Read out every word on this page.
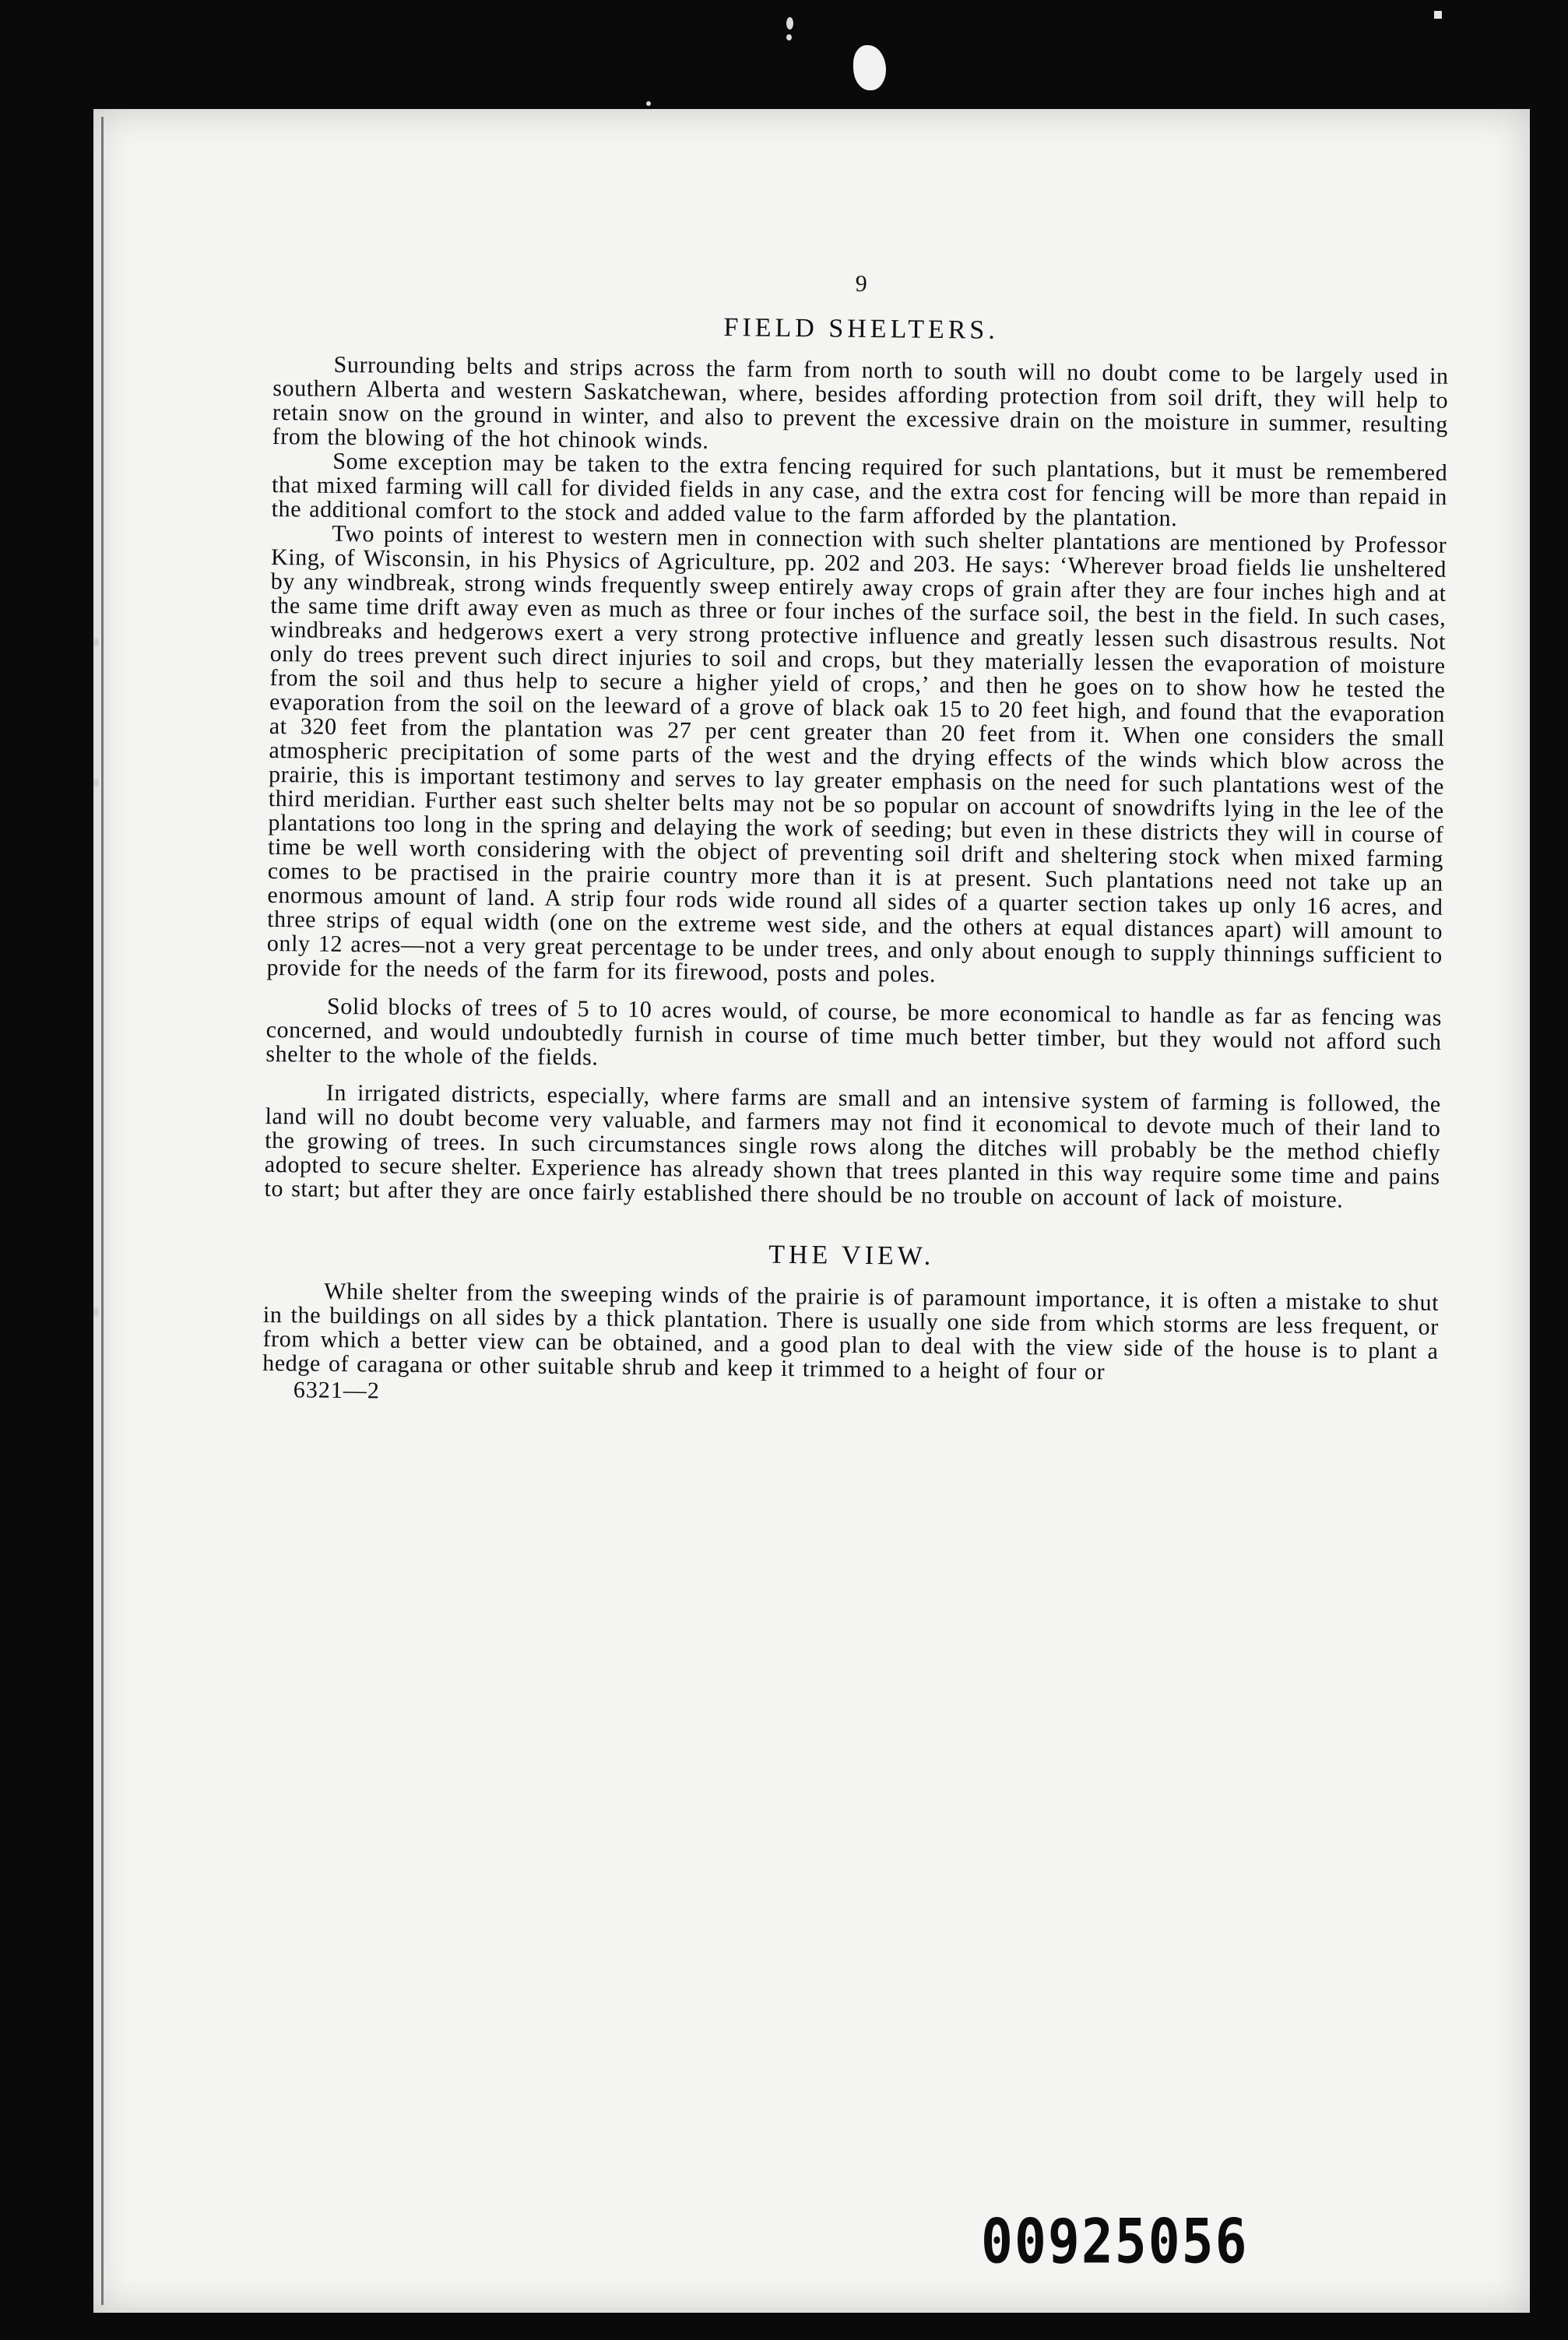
9
FIELD SHELTERS.

Surrounding belts and strips across the farm from north to south will no doubt come to be largely used in southern Alberta and western Saskatchewan, where, besides affording protection from soil drift, they will help to retain snow on the ground in winter, and also to prevent the excessive drain on the moisture in summer, resulting from the blowing of the hot chinook winds.

Some exception may be taken to the extra fencing required for such plantations, but it must be remembered that mixed farming will call for divided fields in any case, and the extra cost for fencing will be more than repaid in the additional comfort to the stock and added value to the farm afforded by the plantation.

Two points of interest to western men in connection with such shelter plantations are mentioned by Professor King, of Wisconsin, in his Physics of Agriculture, pp. 202 and 203. He says: ‘Wherever broad fields lie unsheltered by any windbreak, strong winds frequently sweep entirely away crops of grain after they are four inches high and at the same time drift away even as much as three or four inches of the surface soil, the best in the field. In such cases, windbreaks and hedgerows exert a very strong protective influence and greatly lessen such disastrous results. Not only do trees prevent such direct injuries to soil and crops, but they materially lessen the evaporation of moisture from the soil and thus help to secure a higher yield of crops,’ and then he goes on to show how he tested the evaporation from the soil on the leeward of a grove of black oak 15 to 20 feet high, and found that the evaporation at 320 feet from the plantation was 27 per cent greater than 20 feet from it. When one considers the small atmospheric precipitation of some parts of the west and the drying effects of the winds which blow across the prairie, this is important testimony and serves to lay greater emphasis on the need for such plantations west of the third meridian. Further east such shelter belts may not be so popular on account of snowdrifts lying in the lee of the plantations too long in the spring and delaying the work of seeding; but even in these districts they will in course of time be well worth considering with the object of preventing soil drift and sheltering stock when mixed farming comes to be practised in the prairie country more than it is at present. Such plantations need not take up an enormous amount of land. A strip four rods wide round all sides of a quarter section takes up only 16 acres, and three strips of equal width (one on the extreme west side, and the others at equal distances apart) will amount to only 12 acres—not a very great percentage to be under trees, and only about enough to supply thinnings sufficient to provide for the needs of the farm for its firewood, posts and poles.

Solid blocks of trees of 5 to 10 acres would, of course, be more economical to handle as far as fencing was concerned, and would undoubtedly furnish in course of time much better timber, but they would not afford such shelter to the whole of the fields.

In irrigated districts, especially, where farms are small and an intensive system of farming is followed, the land will no doubt become very valuable, and farmers may not find it economical to devote much of their land to the growing of trees. In such circumstances single rows along the ditches will probably be the method chiefly adopted to secure shelter. Experience has already shown that trees planted in this way require some time and pains to start; but after they are once fairly established there should be no trouble on account of lack of moisture.

THE VIEW.

While shelter from the sweeping winds of the prairie is of paramount importance, it is often a mistake to shut in the buildings on all sides by a thick plantation. There is usually one side from which storms are less frequent, or from which a better view can be obtained, and a good plan to deal with the view side of the house is to plant a hedge of caragana or other suitable shrub and keep it trimmed to a height of four or

6321—2
00925056
